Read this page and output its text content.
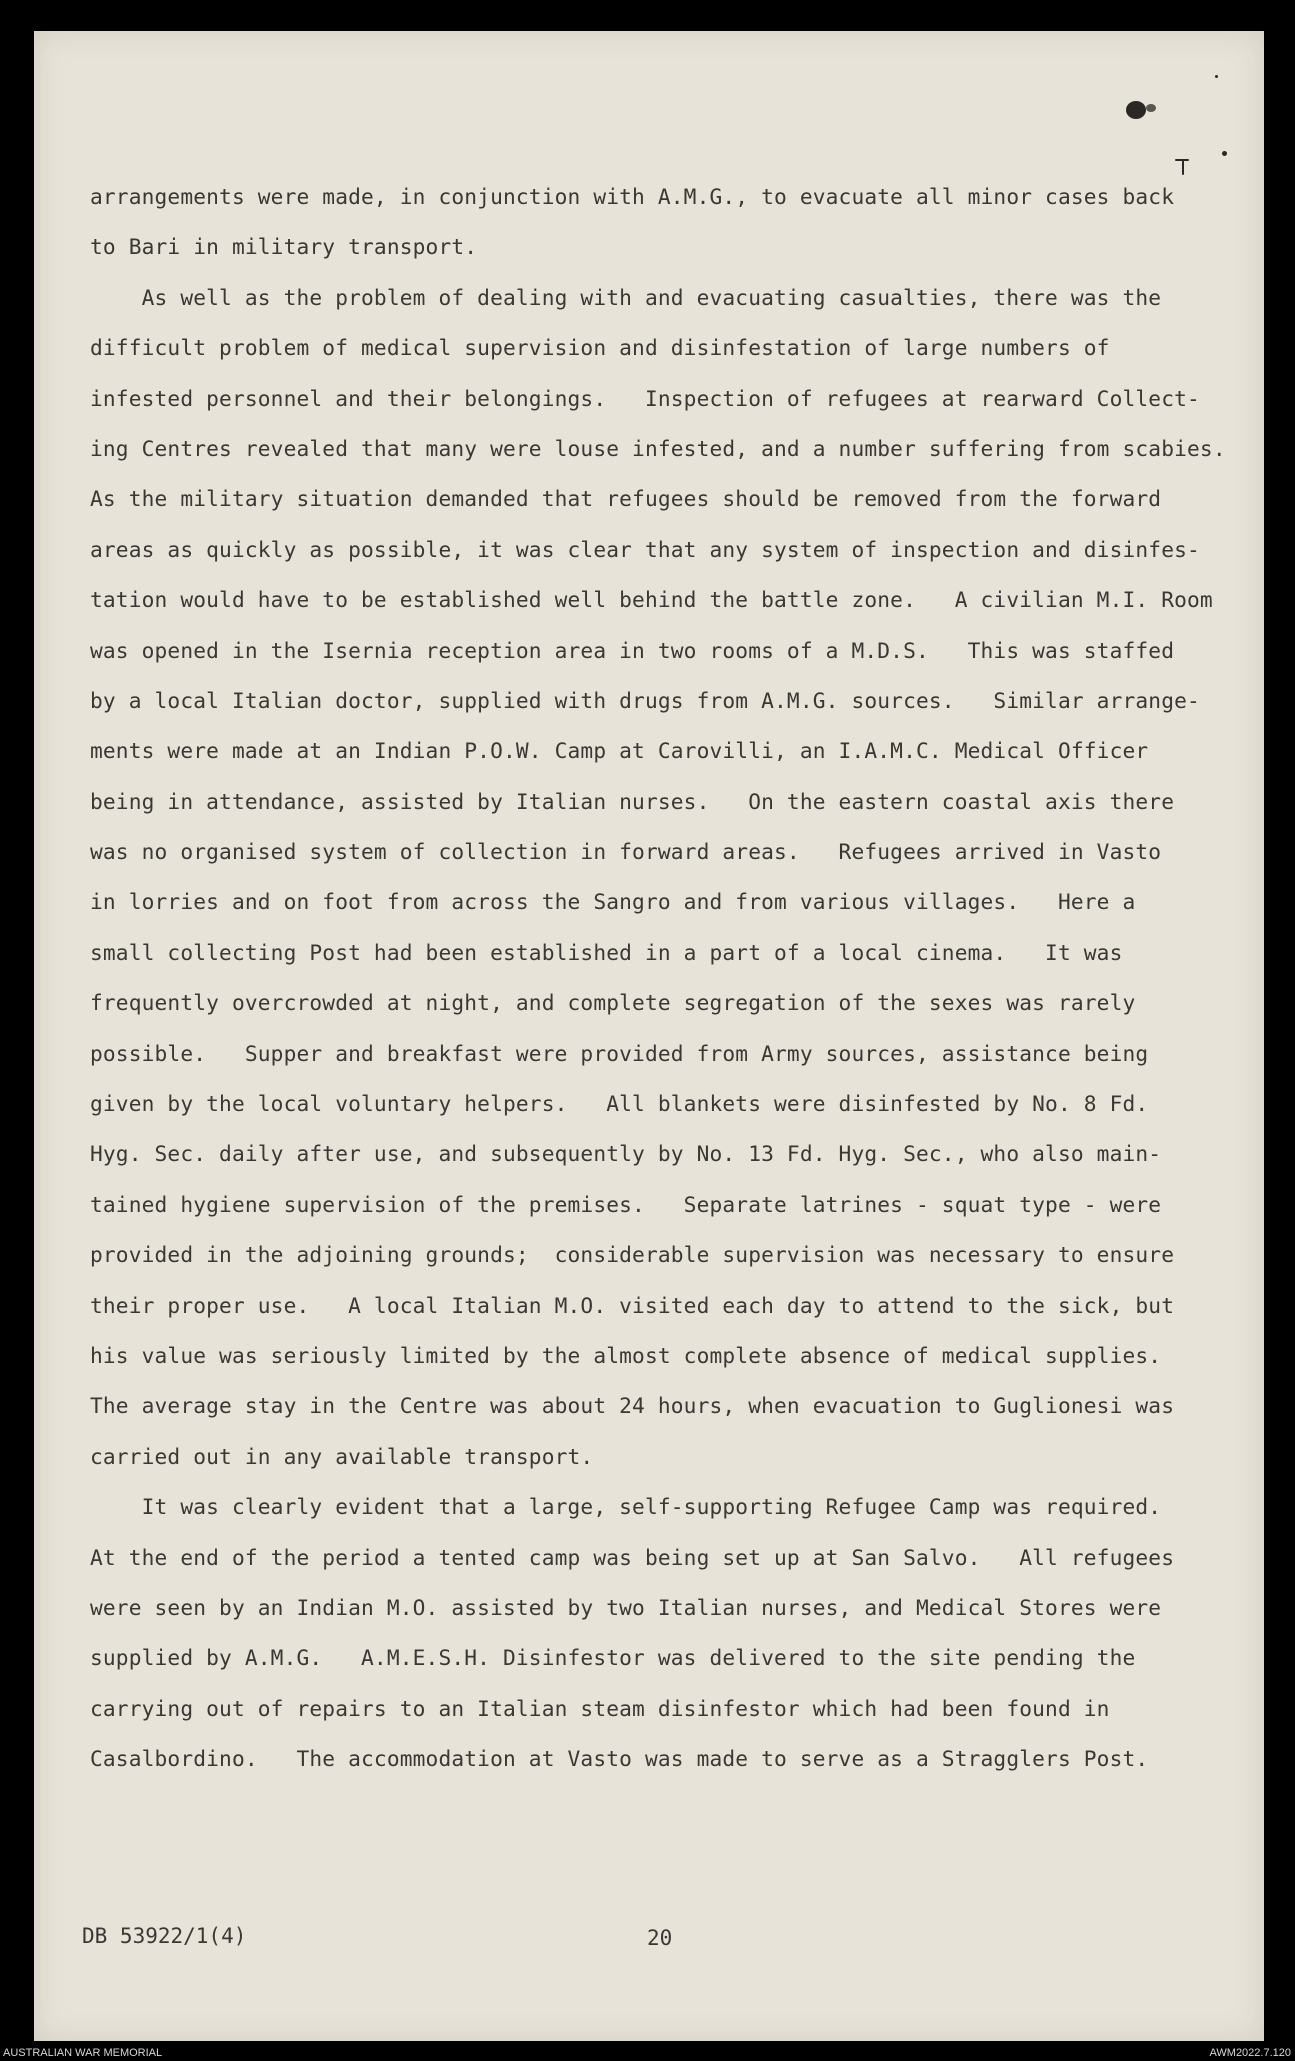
arrangements were made, in conjunction with A.M.G., to evacuate all minor cases back
to Bari in military transport.
As well as the problem of dealing with and evacuating casualties, there was the
difficult problem of medical supervision and disinfestation of large numbers of
infested personnel and their belongings.   Inspection of refugees at rearward Collect-
ing Centres revealed that many were louse infested, and a number suffering from scabies.
As the military situation demanded that refugees should be removed from the forward
areas as quickly as possible, it was clear that any system of inspection and disinfes-
tation would have to be established well behind the battle zone.   A civilian M.I. Room
was opened in the Isernia reception area in two rooms of a M.D.S.   This was staffed
by a local Italian doctor, supplied with drugs from A.M.G. sources.   Similar arrange-
ments were made at an Indian P.O.W. Camp at Carovilli, an I.A.M.C. Medical Officer
being in attendance, assisted by Italian nurses.   On the eastern coastal axis there
was no organised system of collection in forward areas.   Refugees arrived in Vasto
in lorries and on foot from across the Sangro and from various villages.   Here a
small collecting Post had been established in a part of a local cinema.   It was
frequently overcrowded at night, and complete segregation of the sexes was rarely
possible.   Supper and breakfast were provided from Army sources, assistance being
given by the local voluntary helpers.   All blankets were disinfested by No. 8 Fd.
Hyg. Sec. daily after use, and subsequently by No. 13 Fd. Hyg. Sec., who also main-
tained hygiene supervision of the premises.   Separate latrines - squat type - were
provided in the adjoining grounds;  considerable supervision was necessary to ensure
their proper use.   A local Italian M.O. visited each day to attend to the sick, but
his value was seriously limited by the almost complete absence of medical supplies.
The average stay in the Centre was about 24 hours, when evacuation to Guglionesi was
carried out in any available transport.
It was clearly evident that a large, self-supporting Refugee Camp was required.
At the end of the period a tented camp was being set up at San Salvo.   All refugees
were seen by an Indian M.O. assisted by two Italian nurses, and Medical Stores were
supplied by A.M.G.   A.M.E.S.H. Disinfestor was delivered to the site pending the
carrying out of repairs to an Italian steam disinfestor which had been found in
Casalbordino.   The accommodation at Vasto was made to serve as a Stragglers Post.
DB 53922/1(4)	20
AUSTRALIAN WAR MEMORIAL	AWM2022.7.120
